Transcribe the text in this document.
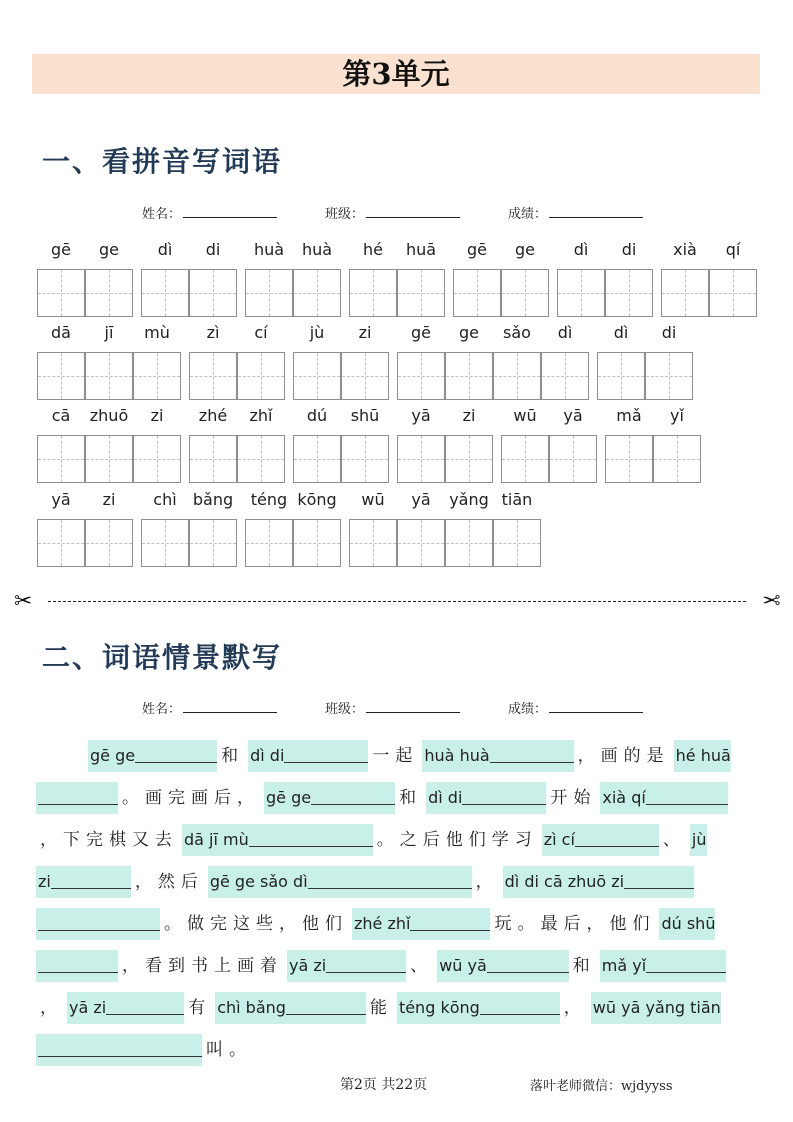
第3单元
一、看拼音写词语
姓名：	班级：	成绩：
gē	ge	dì	di	huà	huà	hé	huā	gē	ge	dì	di	xià	qí
dā	jī	mù	zì	cí	jù	zi	gē	ge	sǎo	dì	dì	di
cā	zhuō	zi	zhé	zhǐ	dú	shū	yā	zi	wū	yā	mǎ	yǐ
yā	zi	chì	bǎng	téng kōng	wū	yā	yǎng tiān
✂	✂
二、词语情景默写
姓名：	班级：	成绩：
gē ge	和 dì di	一起 huà huà	，画的是 hé huā
。画完画后， gē ge	和 dì di	开始 xià qí
，下完棋又去 dā jī mù	。之后他们学习 zì cí	、 jù
zi	，然后 gē ge sǎo dì	， dì di cā zhuō zi
。做完这些，他们 zhé zhǐ	玩。最后，他们 dú shū
，看到书上画着 yā zi	、 wū yā	和 mǎ yǐ
， yā zi	有 chì bǎng	能 téng kōng	， wū yā yǎng tiān
叫。
第2页 共22页	落叶老师微信：wjdyyss
